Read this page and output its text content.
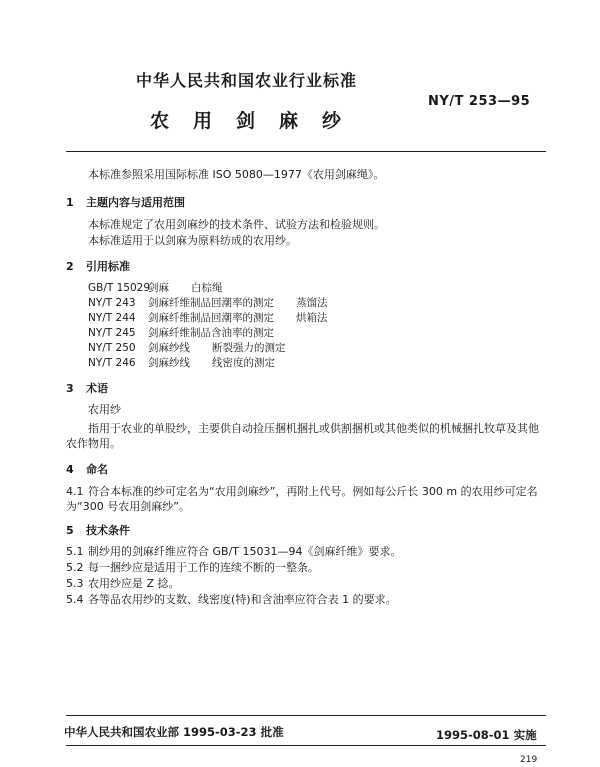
中华人民共和国农业行业标准
NY/T 253—95
农用剑麻纱
本标准参照采用国际标准 ISO 5080—1977《农用剑麻绳》。
1 主题内容与适用范围
本标准规定了农用剑麻纱的技术条件、试验方法和检验规则。
本标准适用于以剑麻为原料纺成的农用纱。
2 引用标准
GB/T 15029剑麻 白棕绳
NY/T 243 剑麻纤维制品回潮率的测定 蒸馏法
NY/T 244 剑麻纤维制品回潮率的测定 烘箱法
NY/T 245 剑麻纤维制品含油率的测定
NY/T 250 剑麻纱线 断裂强力的测定
NY/T 246 剑麻纱线 线密度的测定
3 术语
农用纱
指用于农业的单股纱，主要供自动捡压捆机捆扎或供割捆机或其他类似的机械捆扎牧草及其他农作物用。
4 命名
4.1 符合本标准的纱可定名为“农用剑麻纱”，再附上代号。例如每公斤长 300 m 的农用纱可定名为“300 号农用剑麻纱”。
5 技术条件
5.1 制纱用的剑麻纤维应符合 GB/T 15031—94《剑麻纤维》要求。
5.2 每一捆纱应是适用于工作的连续不断的一整条。
5.3 农用纱应是 Z 捻。
5.4 各等品农用纱的支数、线密度(特)和含油率应符合表 1 的要求。
中华人民共和国农业部 1995-03-23 批准	1995-08-01 实施
219
